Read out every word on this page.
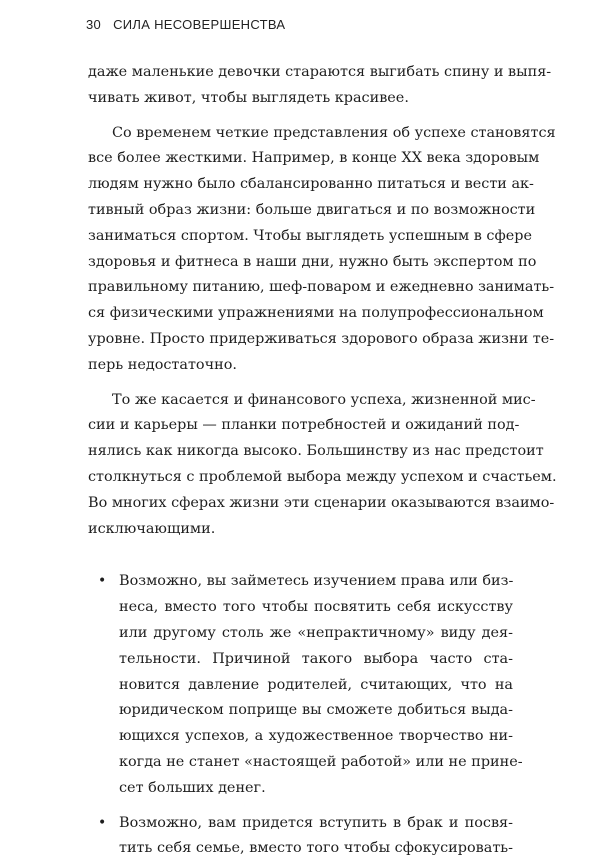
30 СИЛА НЕСОВЕРШЕНСТВА
даже маленькие девочки стараются выгибать спину и выпя-
чивать живот, чтобы выглядеть красивее.
Со временем четкие представления об успехе становятся
все более жесткими. Например, в конце XX века здоровым
людям нужно было сбалансированно питаться и вести ак-
тивный образ жизни: больше двигаться и по возможности
заниматься спортом. Чтобы выглядеть успешным в сфере
здоровья и фитнеса в наши дни, нужно быть экспертом по
правильному питанию, шеф-поваром и ежедневно занимать-
ся физическими упражнениями на полупрофессиональном
уровне. Просто придерживаться здорового образа жизни те-
перь недостаточно.
То же касается и финансового успеха, жизненной мис-
сии и карьеры — планки потребностей и ожиданий под-
нялись как никогда высоко. Большинству из нас предстоит
столкнуться с проблемой выбора между успехом и счастьем.
Во многих сферах жизни эти сценарии оказываются взаимо-
исключающими.
• Возможно, вы займетесь изучением права или биз-
неса, вместо того чтобы посвятить себя искусству
или другому столь же «непрактичному» виду дея-
тельности. Причиной такого выбора часто ста-
новится давление родителей, считающих, что на
юридическом поприще вы сможете добиться выда-
ющихся успехов, а художественное творчество ни-
когда не станет «настоящей работой» или не прине-
сет больших денег.
• Возможно, вам придется вступить в брак и посвя-
тить себя семье, вместо того чтобы сфокусировать-
